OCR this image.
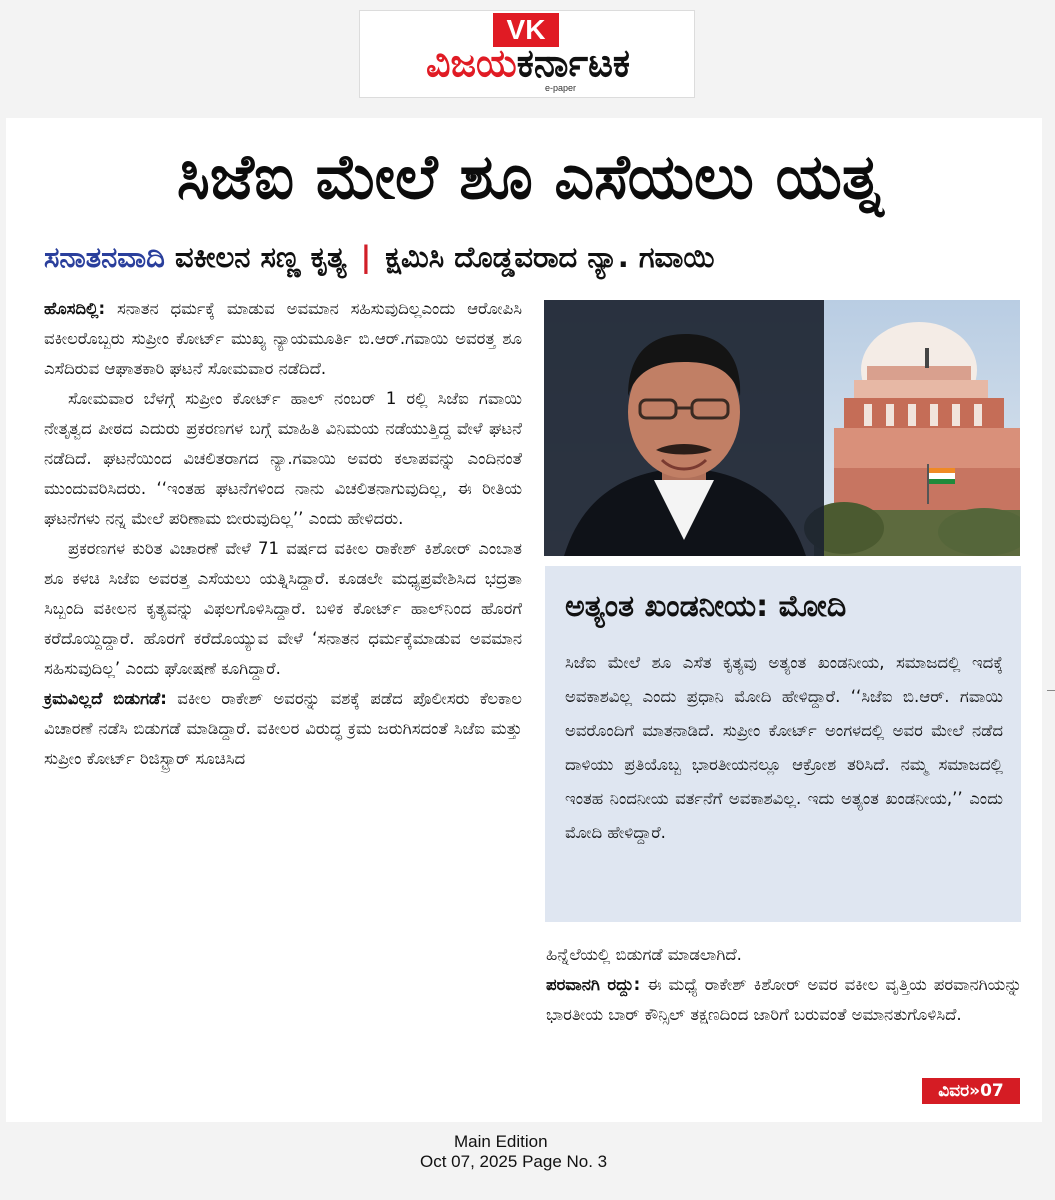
VK
ವಿಜಯ ಕರ್ನಾಟಕ
e-paper
ಸಿಜೆಐ ಮೇಲೆ ಶೂ ಎಸೆಯಲು ಯತ್ನ
ಸನಾತನವಾದಿ ವಕೀಲನ ಸಣ್ಣ ಕೃತ್ಯ | ಕ್ಷಮಿಸಿ ದೊಡ್ಡವರಾದ ನ್ಯಾ. ಗವಾಯಿ

ಹೊಸದಿಲ್ಲಿ: ಸನಾತನ ಧರ್ಮಕ್ಕೆ ಮಾಡುವ ಅವಮಾನ ಸಹಿಸುವುದಿಲ್ಲಎಂದು ಆರೋಪಿಸಿ ವಕೀಲರೊಬ್ಬರು ಸುಪ್ರೀಂ ಕೋರ್ಟ್ ಮುಖ್ಯ ನ್ಯಾಯಮೂರ್ತಿ ಬಿ.ಆರ್.ಗವಾಯಿ ಅವರತ್ತ ಶೂ ಎಸೆದಿರುವ ಆಘಾತಕಾರಿ ಘಟನೆ ಸೋಮವಾರ ನಡೆದಿದೆ.

ಸೋಮವಾರ ಬೆಳಗ್ಗೆ ಸುಪ್ರೀಂ ಕೋರ್ಟ್ ಹಾಲ್ ನಂಬರ್ 1 ರಲ್ಲಿ ಸಿಜೆಐ ಗವಾಯಿ ನೇತೃತ್ವದ ಪೀಠದ ಎದುರು ಪ್ರಕರಣಗಳ ಬಗ್ಗೆ ಮಾಹಿತಿ ವಿನಿಮಯ ನಡೆಯುತ್ತಿದ್ದ ವೇಳೆ ಘಟನೆ ನಡೆದಿದೆ. ಘಟನೆಯಿಂದ ವಿಚಲಿತರಾಗದ ನ್ಯಾ.ಗವಾಯಿ ಅವರು ಕಲಾಪವನ್ನು ಎಂದಿನಂತೆ ಮುಂದುವರಿಸಿದರು. ‘‘ಇಂತಹ ಘಟನೆಗಳಿಂದ ನಾನು ವಿಚಲಿತನಾಗುವುದಿಲ್ಲ, ಈ ರೀತಿಯ ಘಟನೆಗಳು ನನ್ನ ಮೇಲೆ ಪರಿಣಾಮ ಬೀರುವುದಿಲ್ಲ’’ ಎಂದು ಹೇಳಿದರು.

ಪ್ರಕರಣಗಳ ಕುರಿತ ವಿಚಾರಣೆ ವೇಳೆ 71 ವರ್ಷದ ವಕೀಲ ರಾಕೇಶ್ ಕಿಶೋರ್ ಎಂಬಾತ ಶೂ ಕಳಚಿ ಸಿಜೆಐ ಅವರತ್ತ ಎಸೆಯಲು ಯತ್ನಿಸಿದ್ದಾರೆ. ಕೂಡಲೇ ಮಧ್ಯಪ್ರವೇಶಿಸಿದ ಭದ್ರತಾ ಸಿಬ್ಬಂದಿ ವಕೀಲನ ಕೃತ್ಯವನ್ನು ವಿಫಲಗೊಳಿಸಿದ್ದಾರೆ. ಬಳಿಕ ಕೋರ್ಟ್ ಹಾಲ್‌ನಿಂದ ಹೊರಗೆ ಕರೆದೊಯ್ದಿದ್ದಾರೆ. ಹೊರಗೆ ಕರೆದೊಯ್ಯುವ ವೇಳೆ ‘ಸನಾತನ ಧರ್ಮಕ್ಕೆಮಾಡುವ ಅವಮಾನ ಸಹಿಸುವುದಿಲ್ಲ’ ಎಂದು ಘೋಷಣೆ ಕೂಗಿದ್ದಾರೆ.

ಕ್ರಮವಿಲ್ಲದೆ ಬಿಡುಗಡೆ: ವಕೀಲ ರಾಕೇಶ್ ಅವರನ್ನು ವಶಕ್ಕೆ ಪಡೆದ ಪೊಲೀಸರು ಕೆಲಕಾಲ ವಿಚಾರಣೆ ನಡೆಸಿ ಬಿಡುಗಡೆ ಮಾಡಿದ್ದಾರೆ. ವಕೀಲರ ವಿರುದ್ಧ ಕ್ರಮ ಜರುಗಿಸದಂತೆ ಸಿಜೆಐ ಮತ್ತು ಸುಪ್ರೀಂ ಕೋರ್ಟ್ ರಿಜಿಸ್ಟ್ರಾರ್ ಸೂಚಿಸಿದ

ಅತ್ಯಂತ ಖಂಡನೀಯ: ಮೋದಿ
ಸಿಜೆಐ ಮೇಲೆ ಶೂ ಎಸೆತ ಕೃತ್ಯವು ಅತ್ಯಂತ ಖಂಡನೀಯ, ಸಮಾಜದಲ್ಲಿ ಇದಕ್ಕೆ ಅವಕಾಶವಿಲ್ಲ ಎಂದು ಪ್ರಧಾನಿ ಮೋದಿ ಹೇಳಿದ್ದಾರೆ. ‘‘ಸಿಜೆಐ ಬಿ.ಆರ್. ಗವಾಯಿ ಅವರೊಂದಿಗೆ ಮಾತನಾಡಿದೆ. ಸುಪ್ರೀಂ ಕೋರ್ಟ್ ಅಂಗಳದಲ್ಲಿ ಅವರ ಮೇಲೆ ನಡೆದ ದಾಳಿಯು ಪ್ರತಿಯೊಬ್ಬ ಭಾರತೀಯನಲ್ಲೂ ಆಕ್ರೋಶ ತರಿಸಿದೆ. ನಮ್ಮ ಸಮಾಜದಲ್ಲಿ ಇಂತಹ ನಿಂದನೀಯ ವರ್ತನೆಗೆ ಅವಕಾಶವಿಲ್ಲ. ಇದು ಅತ್ಯಂತ ಖಂಡನೀಯ,’’ ಎಂದು ಮೋದಿ ಹೇಳಿದ್ದಾರೆ.

ಹಿನ್ನೆಲೆಯಲ್ಲಿ ಬಿಡುಗಡೆ ಮಾಡಲಾಗಿದೆ.

ಪರವಾನಗಿ ರದ್ದು: ಈ ಮಧ್ಯೆ ರಾಕೇಶ್ ಕಿಶೋರ್ ಅವರ ವಕೀಲ ವೃತ್ತಿಯ ಪರವಾನಗಿಯನ್ನು ಭಾರತೀಯ ಬಾರ್ ಕೌನ್ಸಿಲ್ ತಕ್ಷಣದಿಂದ ಜಾರಿಗೆ ಬರುವಂತೆ ಅಮಾನತುಗೊಳಿಸಿದೆ.

ವಿವರ»07
Main Edition
Oct 07, 2025 Page No. 3
